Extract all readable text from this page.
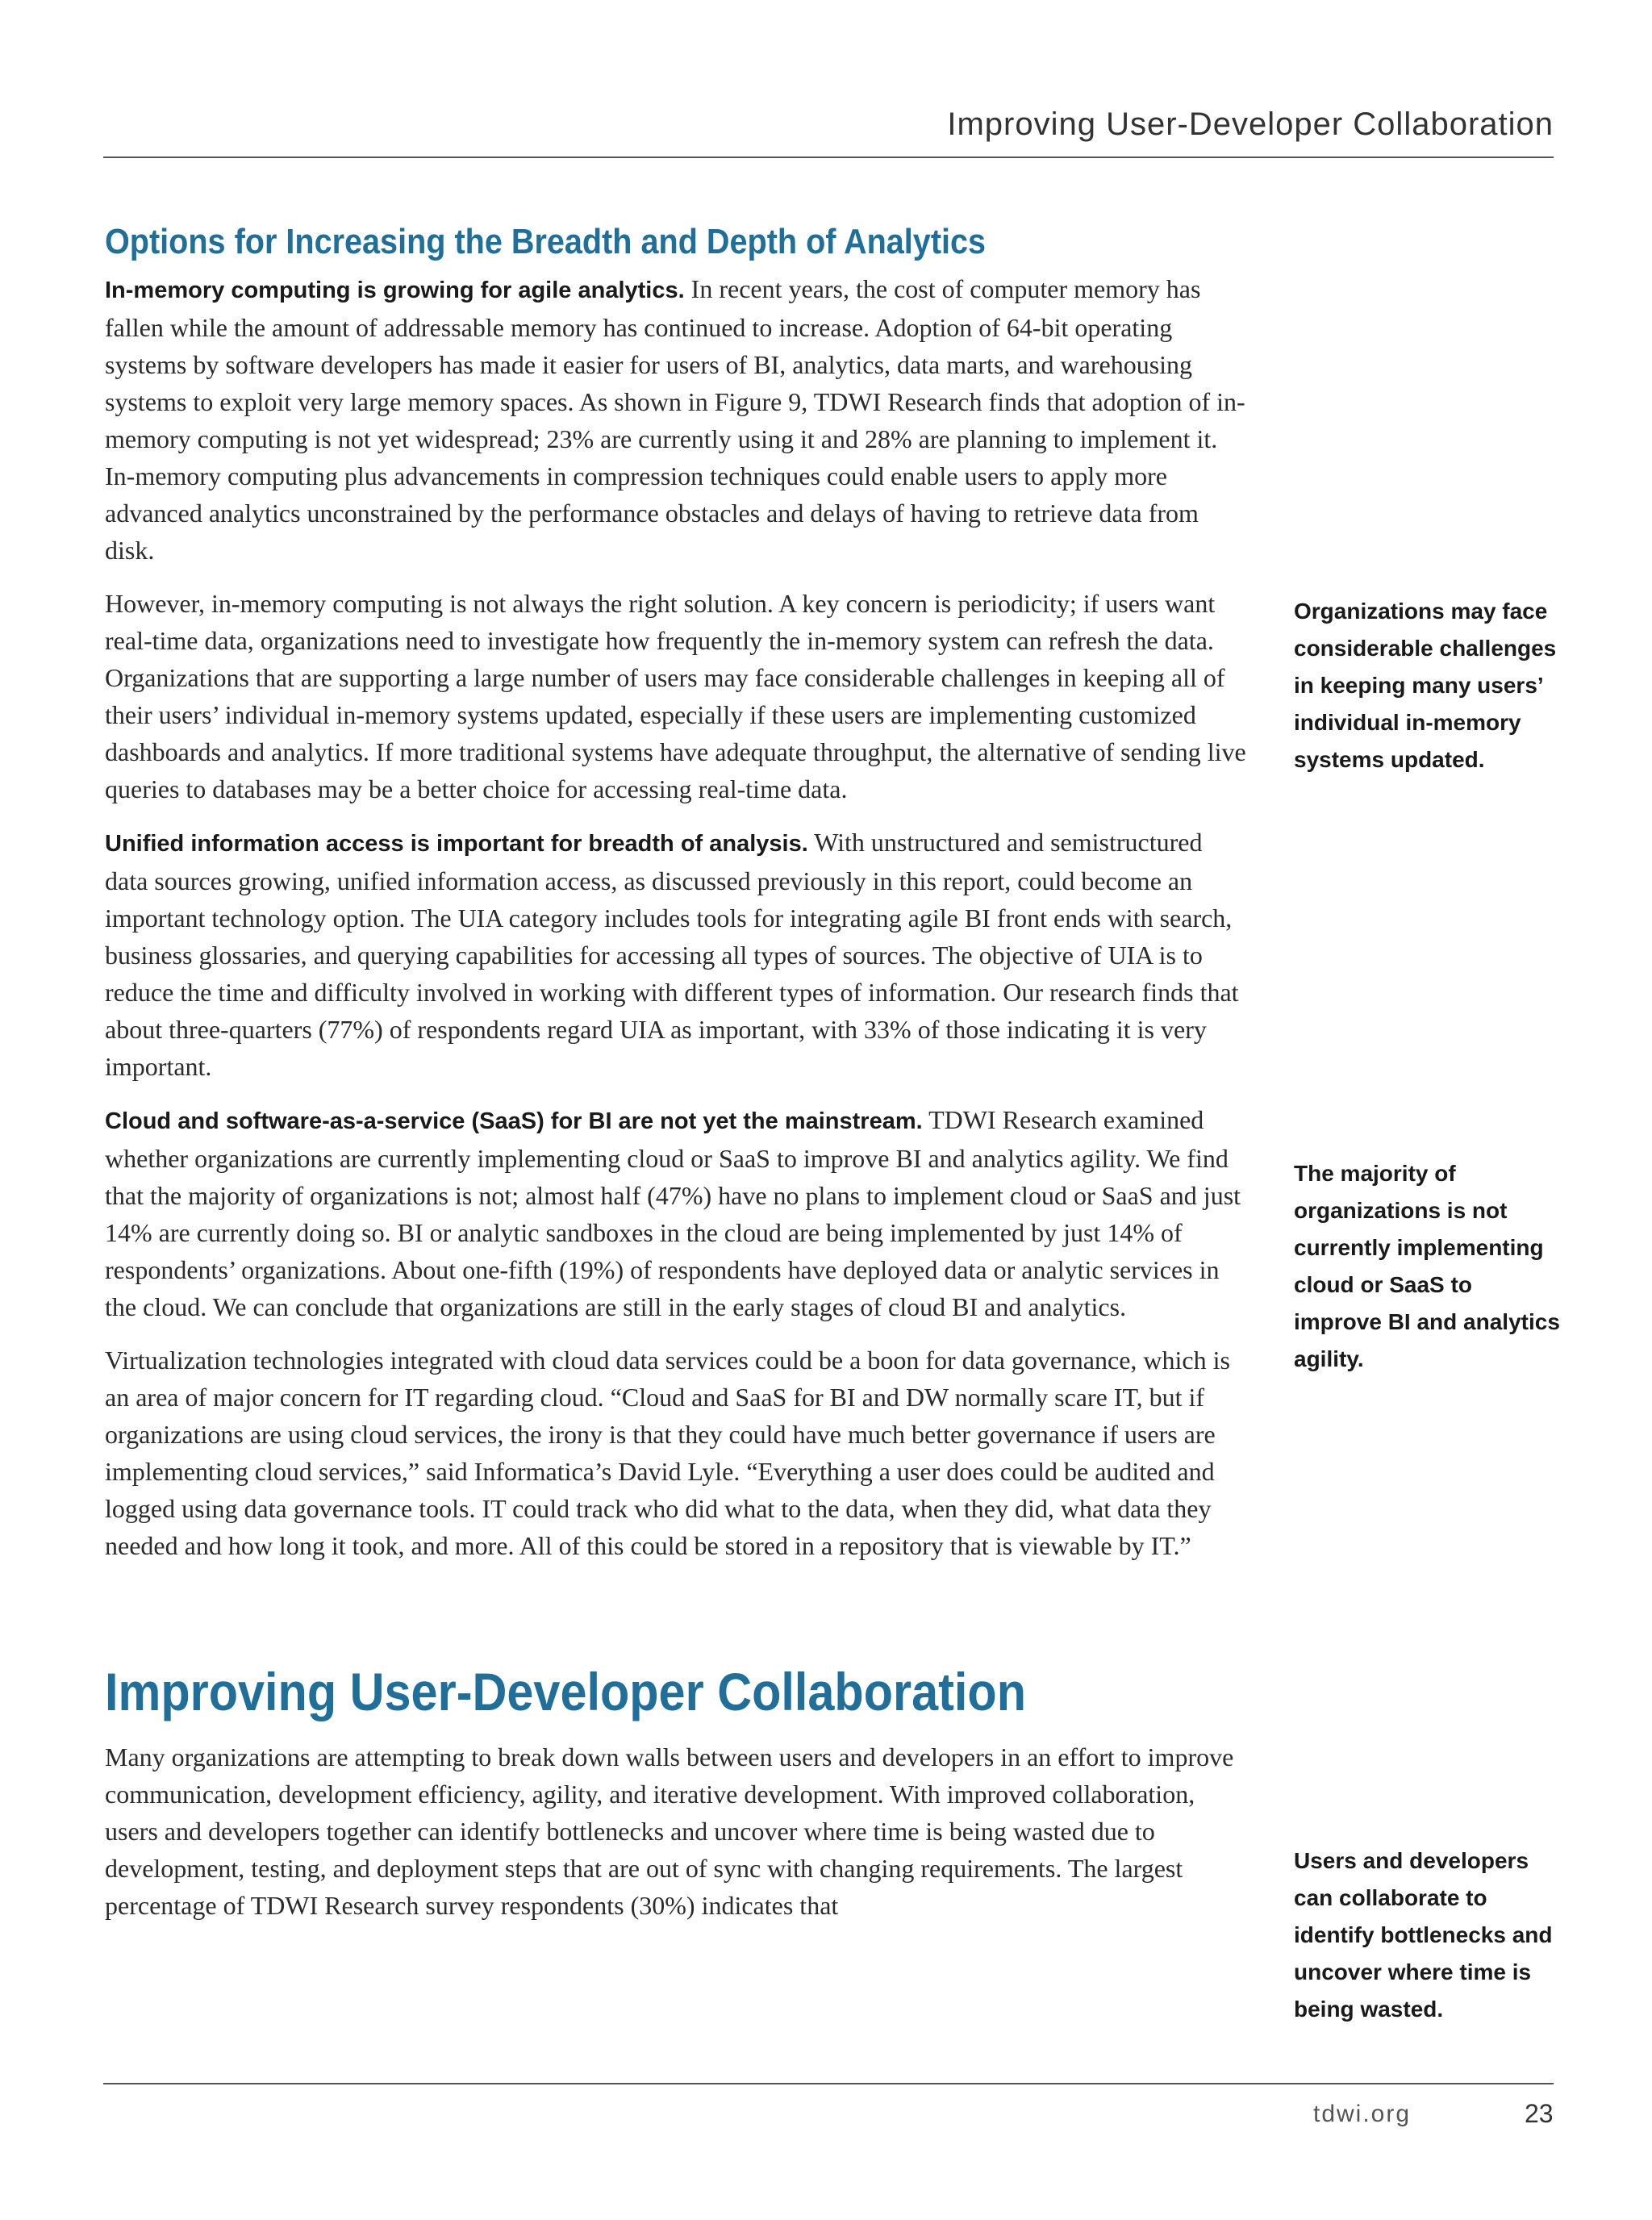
Improving User-Developer Collaboration
Options for Increasing the Breadth and Depth of Analytics

In-memory computing is growing for agile analytics. In recent years, the cost of computer memory has fallen while the amount of addressable memory has continued to increase. Adoption of 64-bit operating systems by software developers has made it easier for users of BI, analytics, data marts, and warehousing systems to exploit very large memory spaces. As shown in Figure 9, TDWI Research finds that adoption of in-memory computing is not yet widespread; 23% are currently using it and 28% are planning to implement it. In-memory computing plus advancements in compression techniques could enable users to apply more advanced analytics unconstrained by the performance obstacles and delays of having to retrieve data from disk.

However, in-memory computing is not always the right solution. A key concern is periodicity; if users want real-time data, organizations need to investigate how frequently the in-memory system can refresh the data. Organizations that are supporting a large number of users may face considerable challenges in keeping all of their users’ individual in-memory systems updated, especially if these users are implementing customized dashboards and analytics. If more traditional systems have adequate throughput, the alternative of sending live queries to databases may be a better choice for accessing real-time data.

Unified information access is important for breadth of analysis. With unstructured and semistructured data sources growing, unified information access, as discussed previously in this report, could become an important technology option. The UIA category includes tools for integrating agile BI front ends with search, business glossaries, and querying capabilities for accessing all types of sources. The objective of UIA is to reduce the time and difficulty involved in working with different types of information. Our research finds that about three-quarters (77%) of respondents regard UIA as important, with 33% of those indicating it is very important.

Cloud and software-as-a-service (SaaS) for BI are not yet the mainstream. TDWI Research examined whether organizations are currently implementing cloud or SaaS to improve BI and analytics agility. We find that the majority of organizations is not; almost half (47%) have no plans to implement cloud or SaaS and just 14% are currently doing so. BI or analytic sandboxes in the cloud are being implemented by just 14% of respondents’ organizations. About one-fifth (19%) of respondents have deployed data or analytic services in the cloud. We can conclude that organizations are still in the early stages of cloud BI and analytics.

Virtualization technologies integrated with cloud data services could be a boon for data governance, which is an area of major concern for IT regarding cloud. “Cloud and SaaS for BI and DW normally scare IT, but if organizations are using cloud services, the irony is that they could have much better governance if users are implementing cloud services,” said Informatica’s David Lyle. “Everything a user does could be audited and logged using data governance tools. IT could track who did what to the data, when they did, what data they needed and how long it took, and more. All of this could be stored in a repository that is viewable by IT.”

Improving User-Developer Collaboration

Many organizations are attempting to break down walls between users and developers in an effort to improve communication, development efficiency, agility, and iterative development. With improved collaboration, users and developers together can identify bottlenecks and uncover where time is being wasted due to development, testing, and deployment steps that are out of sync with changing requirements. The largest percentage of TDWI Research survey respondents (30%) indicates that

Organizations may face considerable challenges in keeping many users’ individual in-memory systems updated.
The majority of organizations is not currently implementing cloud or SaaS to improve BI and analytics agility.
Users and developers can collaborate to identify bottlenecks and uncover where time is being wasted.
tdwi.org	23
